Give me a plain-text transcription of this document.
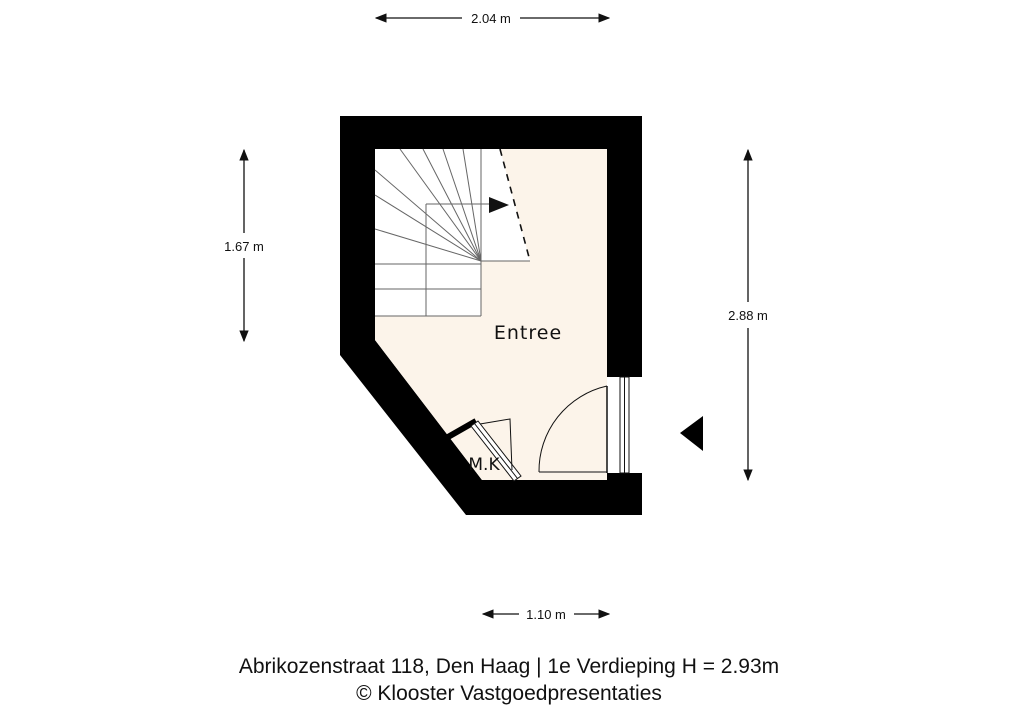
2.04 m
1.67 m
2.88 m
1.10 m
Entree
M.K
Abrikozenstraat 118, Den Haag | 1e Verdieping H = 2.93m
© Klooster Vastgoedpresentaties
